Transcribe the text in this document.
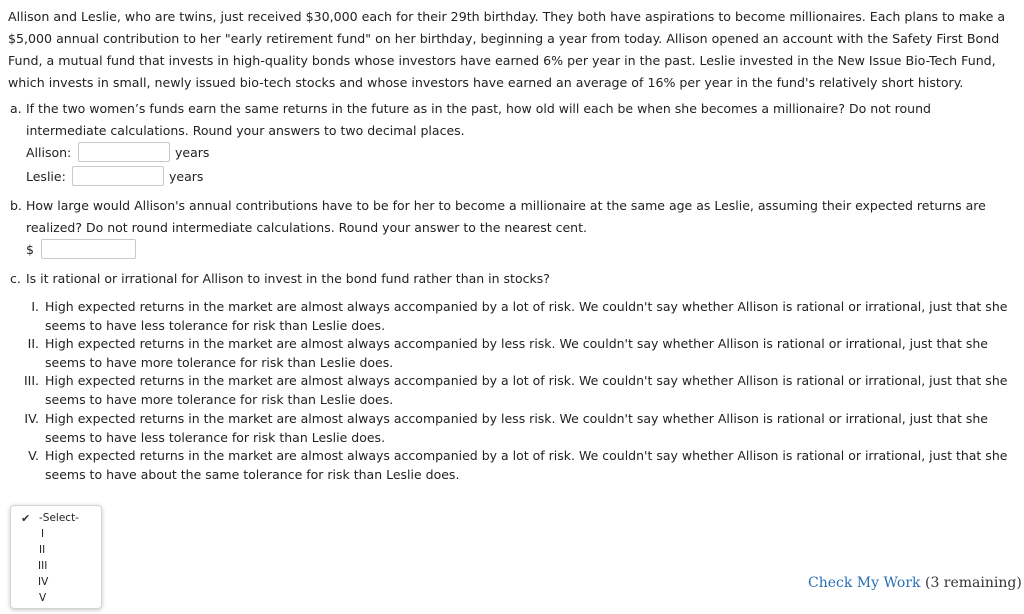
Allison and Leslie, who are twins, just received $30,000 each for their 29th birthday. They both have aspirations to become millionaires. Each plans to make a $5,000 annual contribution to her "early retirement fund" on her birthday, beginning a year from today. Allison opened an account with the Safety First Bond Fund, a mutual fund that invests in high-quality bonds whose investors have earned 6% per year in the past. Leslie invested in the New Issue Bio-Tech Fund, which invests in small, newly issued bio-tech stocks and whose investors have earned an average of 16% per year in the fund's relatively short history.
a. If the two women’s funds earn the same returns in the future as in the past, how old will each be when she becomes a millionaire? Do not round intermediate calculations. Round your answers to two decimal places.
Allison:	years
Leslie:	years
b. How large would Allison's annual contributions have to be for her to become a millionaire at the same age as Leslie, assuming their expected returns are realized? Do not round intermediate calculations. Round your answer to the nearest cent.
$
c. Is it rational or irrational for Allison to invest in the bond fund rather than in stocks?
I. High expected returns in the market are almost always accompanied by a lot of risk. We couldn't say whether Allison is rational or irrational, just that she seems to have less tolerance for risk than Leslie does.
II. High expected returns in the market are almost always accompanied by less risk. We couldn't say whether Allison is rational or irrational, just that she seems to have more tolerance for risk than Leslie does.
III. High expected returns in the market are almost always accompanied by a lot of risk. We couldn't say whether Allison is rational or irrational, just that she seems to have more tolerance for risk than Leslie does.
IV. High expected returns in the market are almost always accompanied by less risk. We couldn't say whether Allison is rational or irrational, just that she seems to have less tolerance for risk than Leslie does.
V. High expected returns in the market are almost always accompanied by a lot of risk. We couldn't say whether Allison is rational or irrational, just that she seems to have about the same tolerance for risk than Leslie does.
✔ -Select-
I
II
III
IV
V
Check My Work (3 remaining)
